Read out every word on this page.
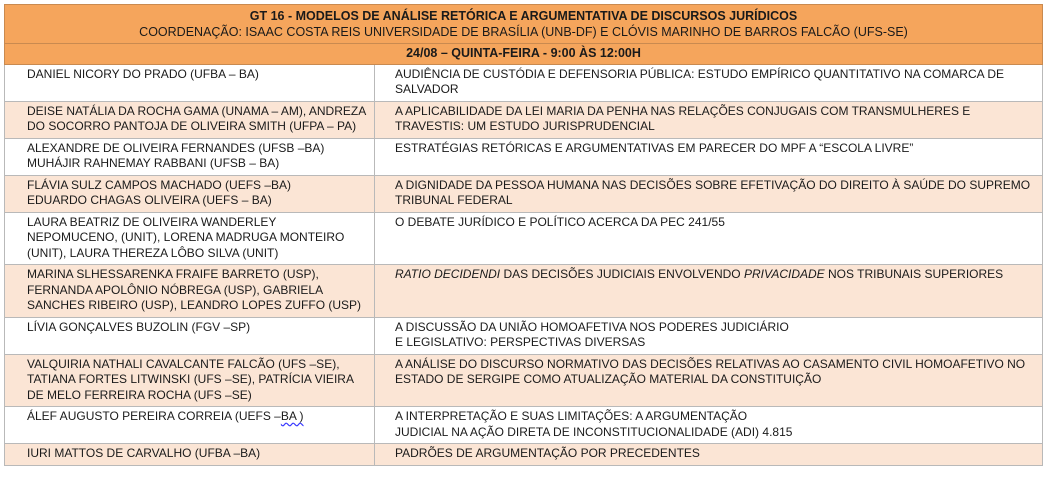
GT 16 - MODELOS DE ANÁLISE RETÓRICA E ARGUMENTATIVA DE DISCURSOS JURÍDICOS
COORDENAÇÃO: ISAAC COSTA REIS UNIVERSIDADE DE BRASÍLIA (UNB-DF) E CLÓVIS MARINHO DE BARROS FALCÃO (UFS-SE)	

24/08 – QUINTA-FEIRA - 9:00 ÀS 12:00H	

DANIEL NICORY DO PRADO (UFBA – BA)	AUDIÊNCIA DE CUSTÓDIA E DEFENSORIA PÚBLICA: ESTUDO EMPÍRICO QUANTITATIVO NA COMARCA DE SALVADOR

DEISE NATÁLIA DA ROCHA GAMA (UNAMA – AM), ANDREZA DO SOCORRO PANTOJA DE OLIVEIRA SMITH (UFPA – PA)	A APLICABILIDADE DA LEI MARIA DA PENHA NAS RELAÇÕES CONJUGAIS COM TRANSMULHERES E TRAVESTIS: UM ESTUDO JURISPRUDENCIAL

ALEXANDRE DE OLIVEIRA FERNANDES (UFSB –BA)
MUHÁJIR RAHNEMAY RABBANI (UFSB – BA)	ESTRATÉGIAS RETÓRICAS E ARGUMENTATIVAS EM PARECER DO MPF A “ESCOLA LIVRE”

FLÁVIA SULZ CAMPOS MACHADO (UEFS –BA)
EDUARDO CHAGAS OLIVEIRA (UEFS – BA)	A DIGNIDADE DA PESSOA HUMANA NAS DECISÕES SOBRE EFETIVAÇÃO DO DIREITO À SAÚDE DO SUPREMO TRIBUNAL FEDERAL

LAURA BEATRIZ DE OLIVEIRA WANDERLEY NEPOMUCENO, (UNIT), LORENA MADRUGA MONTEIRO (UNIT), LAURA THEREZA LÔBO SILVA (UNIT)	O DEBATE JURÍDICO E POLÍTICO ACERCA DA PEC 241/55

MARINA SLHESSARENKA FRAIFE BARRETO (USP), FERNANDA APOLÔNIO NÓBREGA (USP), GABRIELA SANCHES RIBEIRO (USP), LEANDRO LOPES ZUFFO (USP)	RATIO DECIDENDI DAS DECISÕES JUDICIAIS ENVOLVENDO PRIVACIDADE NOS TRIBUNAIS SUPERIORES

LÍVIA GONÇALVES BUZOLIN (FGV –SP)	A DISCUSSÃO DA UNIÃO HOMOAFETIVA NOS PODERES JUDICIÁRIO
E LEGISLATIVO: PERSPECTIVAS DIVERSAS

VALQUIRIA NATHALI CAVALCANTE FALCÃO (UFS –SE), TATIANA FORTES LITWINSKI (UFS –SE), PATRÍCIA VIEIRA DE MELO FERREIRA ROCHA (UFS –SE)	A ANÁLISE DO DISCURSO NORMATIVO DAS DECISÕES RELATIVAS AO CASAMENTO CIVIL HOMOAFETIVO NO ESTADO DE SERGIPE COMO ATUALIZAÇÃO MATERIAL DA CONSTITUIÇÃO

ÁLEF AUGUSTO PEREIRA CORREIA (UEFS –BA )	A INTERPRETAÇÃO E SUAS LIMITAÇÕES: A ARGUMENTAÇÃO
JUDICIAL NA AÇÃO DIRETA DE INCONSTITUCIONALIDADE (ADI) 4.815

IURI MATTOS DE CARVALHO (UFBA –BA)	PADRÕES DE ARGUMENTAÇÃO POR PRECEDENTES
